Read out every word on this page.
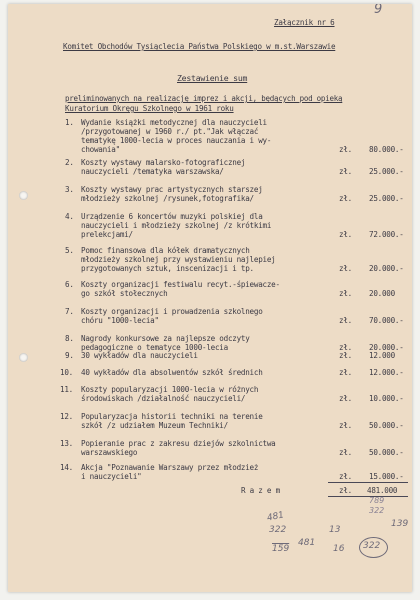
9
Załącznik nr 6
Komitet Obchodów Tysiąclecia Państwa Polskiego w m.st.Warszawie
Zestawienie sum
preliminowanych na realizację imprez i akcji, będących pod opieką
Kuratorium Okręgu Szkolnego w 1961 roku
1. Wydanie książki metodycznej dla nauczycieli
/przygotowanej w 1960 r./ pt."Jak włączać
tematykę 1000-lecia w proces nauczania i wy-
chowania"	zł. 80.000.-
2. Koszty wystawy malarsko-fotograficznej
nauczycieli /tematyka warszawska/	zł. 25.000.-
3. Koszty wystawy prac artystycznych starszej
młodzieży szkolnej /rysunek,fotografika/	zł. 25.000.-
4. Urządzenie 6 koncertów muzyki polskiej dla
nauczycieli i młodzieży szkolnej /z krótkimi
prelekcjami/	zł. 72.000.-
5. Pomoc finansowa dla kółek dramatycznych
młodzieży szkolnej przy wystawieniu najlepiej
przygotowanych sztuk, inscenizacji i tp.	zł. 20.000.-
6. Koszty organizacji festiwalu recyt.-śpiewacze-
go szkół stołecznych	zł. 20.000
7. Koszty organizacji i prowadzenia szkolnego
chóru "1000-lecia"	zł. 70.000.-
8. Nagrody konkursowe za najlepsze odczyty
pedagogiczne o tematyce 1000-lecia	zł. 20.000.-
9. 30 wykładów dla nauczycieli	zł. 12.000
10. 40 wykładów dla absolwentów szkół średnich	zł. 12.000.-
11. Koszty popularyzacji 1000-lecia w różnych
środowiskach /działalność nauczycieli/	zł. 10.000.-
12. Popularyzacja historii techniki na terenie
szkół /z udziałem Muzeum Techniki/	zł. 50.000.-
13. Popieranie prac z zakresu dziejów szkolnictwa
warszawskiego	zł. 50.000.-
14. Akcja "Poznawanie Warszawy przez młodzież
i nauczycieli"	zł. 15.000.-
R a z e m	zł. 481.000
481
322
159
481
13
16 322
139
789
322
